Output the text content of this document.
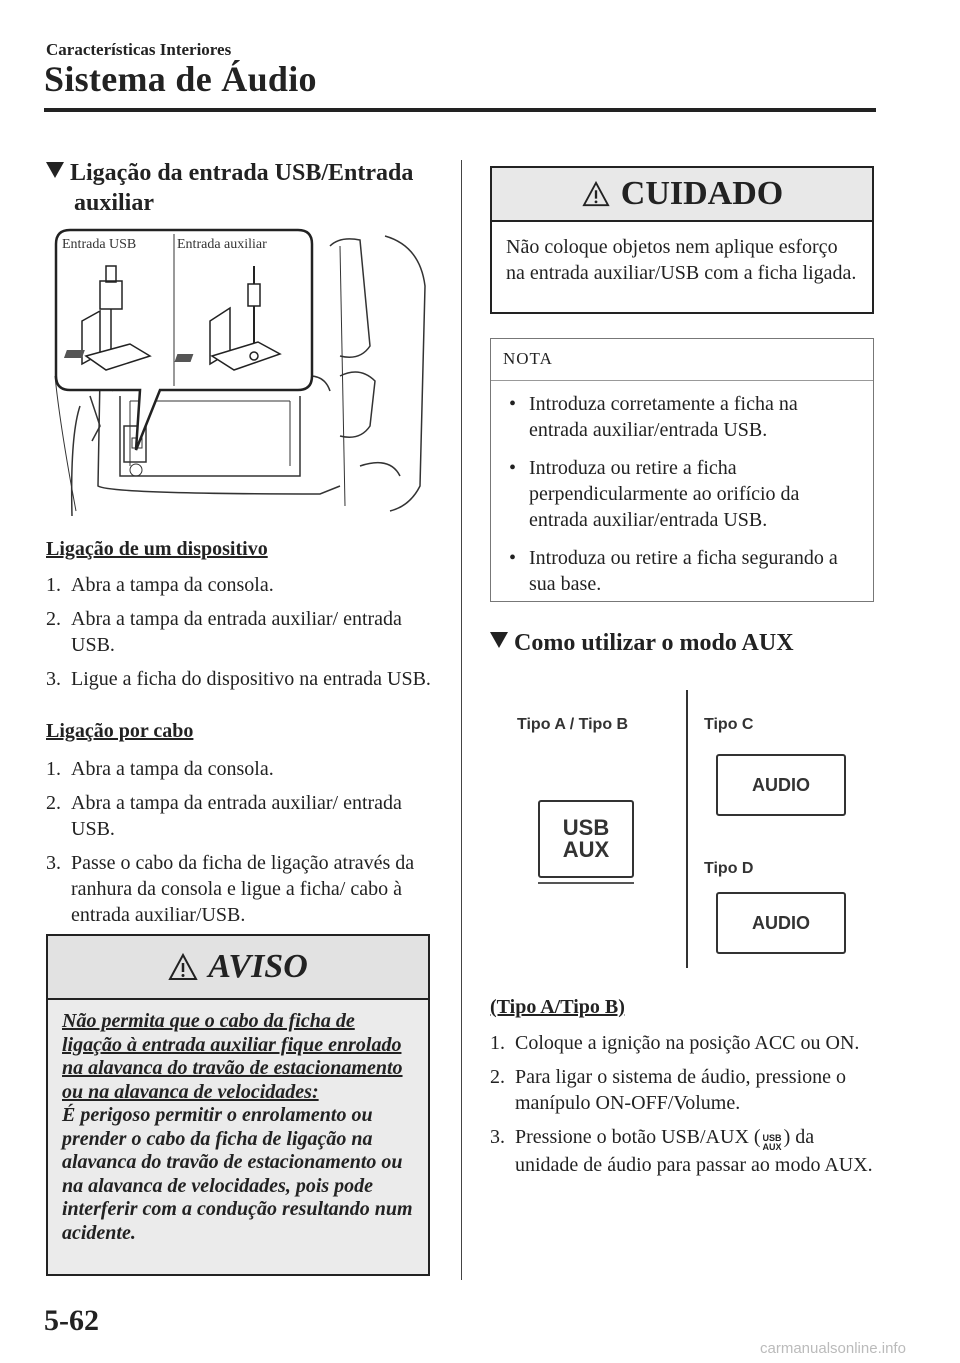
Características Interiores
Sistema de Áudio
Ligação da entrada USB/Entrada
auxiliar
Entrada USB	Entrada auxiliar
Ligação de um dispositivo
1. Abra a tampa da consola.
2. Abra a tampa da entrada auxiliar/ entrada USB.
3. Ligue a ficha do dispositivo na entrada USB.
Ligação por cabo
1. Abra a tampa da consola.
2. Abra a tampa da entrada auxiliar/ entrada USB.
3. Passe o cabo da ficha de ligação através da ranhura da consola e ligue a ficha/ cabo à entrada auxiliar/USB.
AVISO
Não permita que o cabo da ficha de ligação à entrada auxiliar fique enrolado na alavanca do travão de estacionamento ou na alavanca de velocidades:
É perigoso permitir o enrolamento ou prender o cabo da ficha de ligação na alavanca do travão de estacionamento ou na alavanca de velocidades, pois pode interferir com a condução resultando num acidente.
CUIDADO
Não coloque objetos nem aplique esforço na entrada auxiliar/USB com a ficha ligada.
NOTA
• Introduza corretamente a ficha na entrada auxiliar/entrada USB.
• Introduza ou retire a ficha perpendicularmente ao orifício da entrada auxiliar/entrada USB.
• Introduza ou retire a ficha segurando a sua base.
Como utilizar o modo AUX
Tipo A / Tipo B	Tipo C
Tipo D
USB
AUX
AUDIO
AUDIO
(Tipo A/Tipo B)
1. Coloque a ignição na posição ACC ou ON.
2. Para ligar o sistema de áudio, pressione o manípulo ON-OFF/Volume.
3. Pressione o botão USB/AUX ( USB
AUX ) da unidade de áudio para passar ao modo AUX.
5-62
carmanualsonline.info
